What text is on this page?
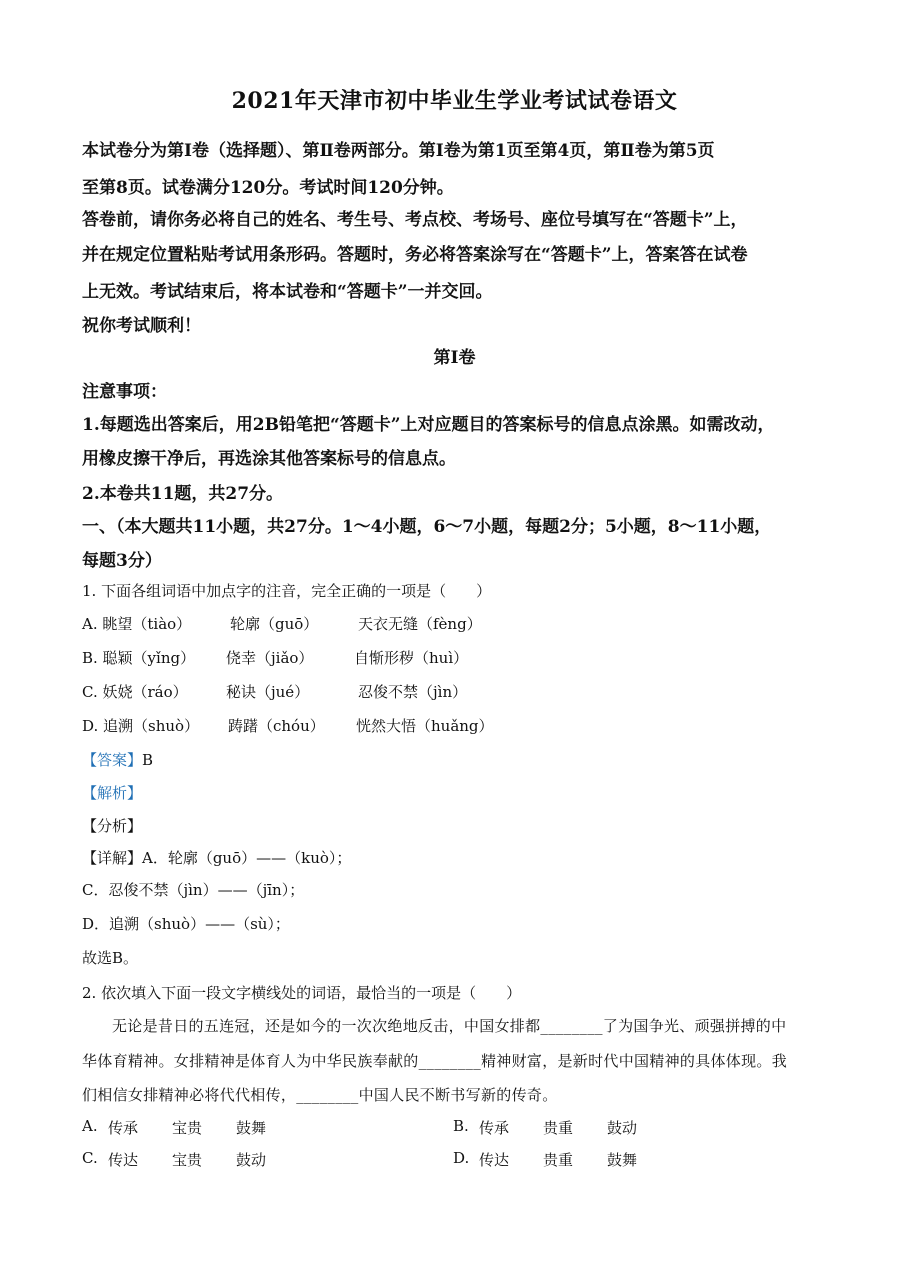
2021年天津市初中毕业生学业考试试卷语文
本试卷分为第Ⅰ卷（选择题）、第Ⅱ卷两部分。第Ⅰ卷为第1页至第4页，第Ⅱ卷为第5页
至第8页。试卷满分120分。考试时间120分钟。
答卷前，请你务必将自己的姓名、考生号、考点校、考场号、座位号填写在“答题卡”上，
并在规定位置粘贴考试用条形码。答题时，务必将答案涂写在“答题卡”上，答案答在试卷
上无效。考试结束后，将本试卷和“答题卡”一并交回。
祝你考试顺利！
第Ⅰ卷
注意事项：
1.每题选出答案后，用2B铅笔把“答题卡”上对应题目的答案标号的信息点涂黑。如需改动，
用橡皮擦干净后，再选涂其他答案标号的信息点。
2.本卷共11题，共27分。
一、（本大题共11小题，共27分。1～4小题，6～7小题，每题2分；5小题，8～11小题，
每题3分）
1. 下面各组词语中加点字的注音，完全正确的一项是（　　）
A. 眺望（tiào）	轮廓（guō）	天衣无缝（fèng）
B. 聪颖（yǐng） 侥幸（jiǎo）	自惭形秽（huì）
C. 妖娆（ráo）	秘诀（jué）	忍俊不禁（jìn）
D. 追溯（shuò） 踌躇（chóu） 恍然大悟（huǎng）
【答案】B
【解析】
【分析】
【详解】A．轮廓（guō）——（kuò）；
C．忍俊不禁（jìn）——（jīn）；
D．追溯（shuò）——（sù）；
故选B。
2. 依次填入下面一段文字横线处的词语，最恰当的一项是（　　）
无论是昔日的五连冠，还是如今的一次次绝地反击，中国女排都________了为国争光、顽强拼搏的中
华体育精神。女排精神是体育人为中华民族奉献的________精神财富，是新时代中国精神的具体体现。我
们相信女排精神必将代代相传，________中国人民不断书写新的传奇。
A. 传承 宝贵 鼓舞	B. 传承 贵重 鼓动
C. 传达 宝贵 鼓动	D. 传达 贵重 鼓舞
